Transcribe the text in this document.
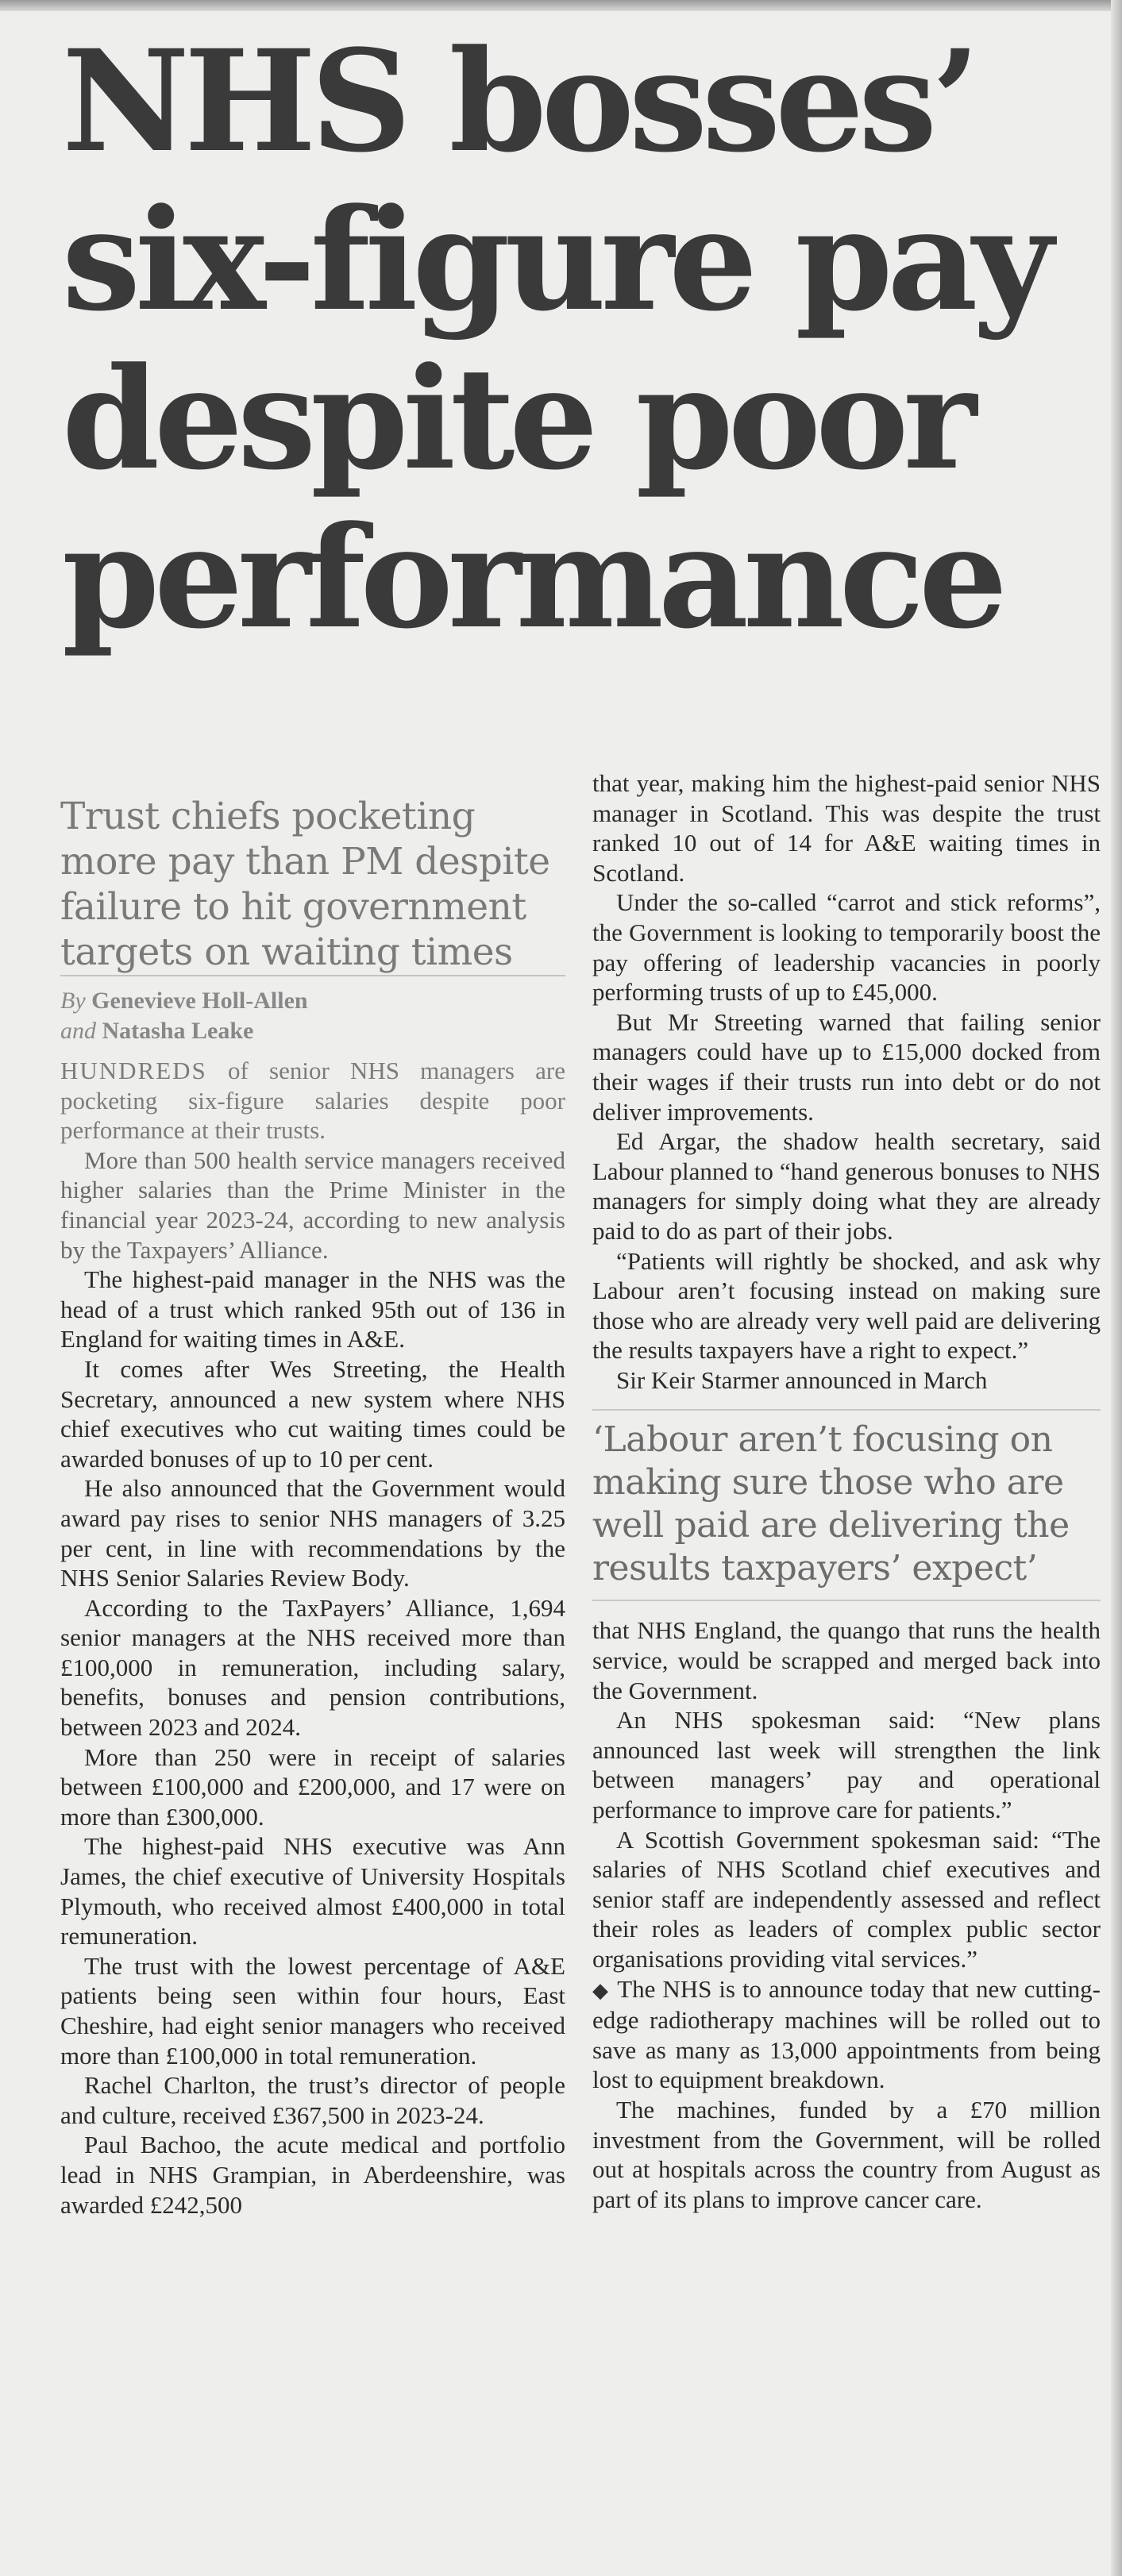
NHS bosses’
six-figure pay
despite poor
performance

Trust chiefs pocketing more pay than PM despite failure to hit government targets on waiting times

By Genevieve Holl-Allen
and Natasha Leake

HUNDREDS of senior NHS managers are pocketing six-figure salaries despite poor performance at their trusts.

More than 500 health service managers received higher salaries than the Prime Minister in the financial year 2023-24, according to new analysis by the Taxpayers’ Alliance.

The highest-paid manager in the NHS was the head of a trust which ranked 95th out of 136 in England for waiting times in A&E.

It comes after Wes Streeting, the Health Secretary, announced a new system where NHS chief executives who cut waiting times could be awarded bonuses of up to 10 per cent.

He also announced that the Government would award pay rises to senior NHS managers of 3.25 per cent, in line with recommendations by the NHS Senior Salaries Review Body.

According to the TaxPayers’ Alliance, 1,694 senior managers at the NHS received more than £100,000 in remuneration, including salary, benefits, bonuses and pension contributions, between 2023 and 2024.

More than 250 were in receipt of salaries between £100,000 and £200,000, and 17 were on more than £300,000.

The highest-paid NHS executive was Ann James, the chief executive of University Hospitals Plymouth, who received almost £400,000 in total remuneration.

The trust with the lowest percentage of A&E patients being seen within four hours, East Cheshire, had eight senior managers who received more than £100,000 in total remuneration.

Rachel Charlton, the trust’s director of people and culture, received £367,500 in 2023-24.

Paul Bachoo, the acute medical and portfolio lead in NHS Grampian, in Aberdeenshire, was awarded £242,500

that year, making him the highest-paid senior NHS manager in Scotland. This was despite the trust ranked 10 out of 14 for A&E waiting times in Scotland.

Under the so-called “carrot and stick reforms”, the Government is looking to temporarily boost the pay offering of leadership vacancies in poorly performing trusts of up to £45,000.

But Mr Streeting warned that failing senior managers could have up to £15,000 docked from their wages if their trusts run into debt or do not deliver improvements.

Ed Argar, the shadow health secretary, said Labour planned to “hand generous bonuses to NHS managers for simply doing what they are already paid to do as part of their jobs.

“Patients will rightly be shocked, and ask why Labour aren’t focusing instead on making sure those who are already very well paid are delivering the results taxpayers have a right to expect.”

Sir Keir Starmer announced in March

‘Labour aren’t focusing on making sure those who are well paid are delivering the results taxpayers’ expect’

that NHS England, the quango that runs the health service, would be scrapped and merged back into the Government.

An NHS spokesman said: “New plans announced last week will strengthen the link between managers’ pay and operational performance to improve care for patients.”

A Scottish Government spokesman said: “The salaries of NHS Scotland chief executives and senior staff are independently assessed and reflect their roles as leaders of complex public sector organisations providing vital services.”

◆ The NHS is to announce today that new cutting-edge radiotherapy machines will be rolled out to save as many as 13,000 appointments from being lost to equipment breakdown.

The machines, funded by a £70 million investment from the Government, will be rolled out at hospitals across the country from August as part of its plans to improve cancer care.
